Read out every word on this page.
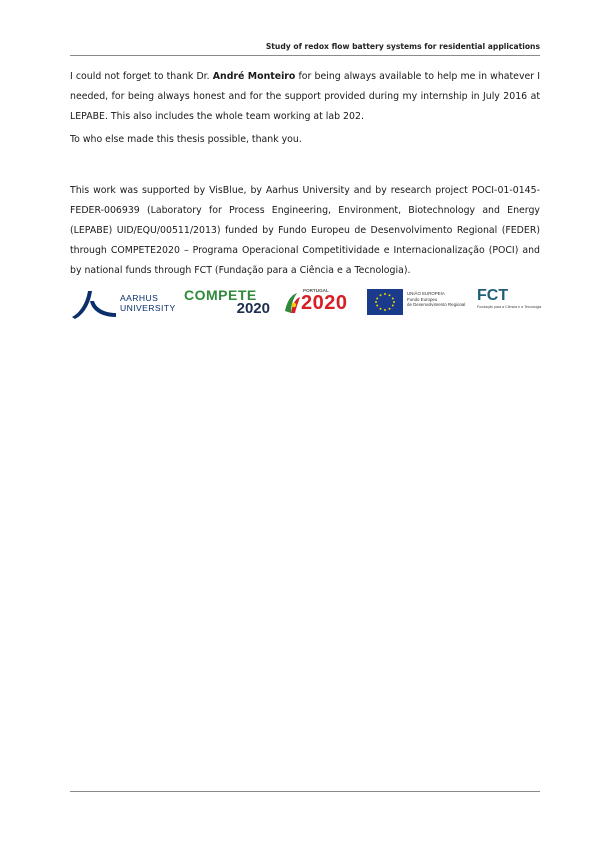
Study of redox flow battery systems for residential applications

I could not forget to thank Dr. André Monteiro for being always available to help me in whatever I needed, for being always honest and for the support provided during my internship in July 2016 at LEPABE. This also includes the whole team working at lab 202.

To who else made this thesis possible, thank you.

This work was supported by VisBlue, by Aarhus University and by research project POCI-01-0145-FEDER-006939 (Laboratory for Process Engineering, Environment, Biotechnology and Energy (LEPABE) UID/EQU/00511/2013) funded by Fundo Europeu de Desenvolvimento Regional (FEDER) through COMPETE2020 – Programa Operacional Competitividade e Internacionalização (POCI) and by national funds through FCT (Fundação para a Ciência e a Tecnologia).

AARHUS
UNIVERSITY
COMPETE
2020
PORTUGAL
2020	UNIÃO EUROPEIA
Fundo Europeu
de Desenvolvimento Regional
FCT
Fundação para a Ciência e a Tecnologia
